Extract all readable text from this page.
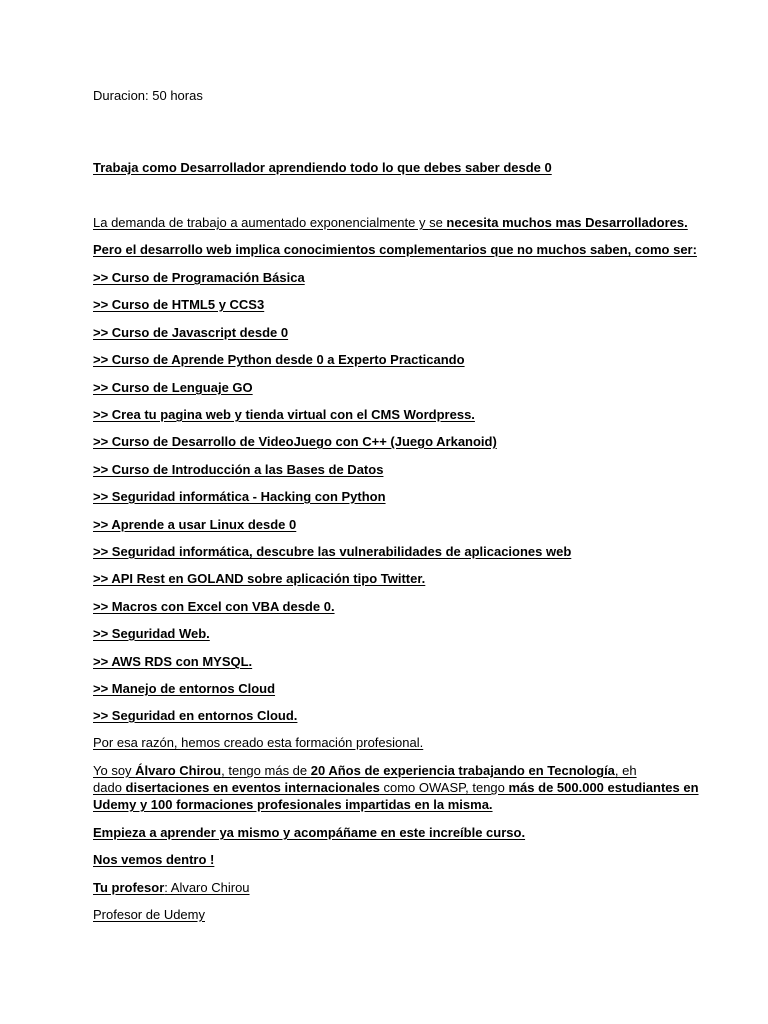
Duracion: 50 horas
Trabaja como Desarrollador aprendiendo todo lo que debes saber desde 0
La demanda de trabajo a aumentado exponencialmente y se necesita muchos mas Desarrolladores.
Pero el desarrollo web implica conocimientos complementarios que no muchos saben, como ser:
>> Curso de Programación Básica
>> Curso de HTML5 y CCS3
>> Curso de Javascript desde 0
>> Curso de Aprende Python desde 0 a Experto Practicando
>> Curso de Lenguaje GO
>> Crea tu pagina web y tienda virtual con el CMS Wordpress.
>> Curso de Desarrollo de VideoJuego con C++ (Juego Arkanoid)
>> Curso de Introducción a las Bases de Datos
>> Seguridad informática - Hacking con Python
>> Aprende a usar Linux desde 0
>> Seguridad informática, descubre las vulnerabilidades de aplicaciones web
>> API Rest en GOLAND sobre aplicación tipo Twitter.
>> Macros con Excel con VBA desde 0.
>> Seguridad Web.
>> AWS RDS con MYSQL.
>> Manejo de entornos Cloud
>> Seguridad en entornos Cloud.
Por esa razón, hemos creado esta formación profesional.
Yo soy Álvaro Chirou, tengo más de 20 Años de experiencia trabajando en Tecnología, eh
dado disertaciones en eventos internacionales como OWASP, tengo más de 500.000 estudiantes en
Udemy y 100 formaciones profesionales impartidas en la misma.
Empieza a aprender ya mismo y acompáñame en este increíble curso.
Nos vemos dentro !
Tu profesor: Alvaro Chirou
Profesor de Udemy
